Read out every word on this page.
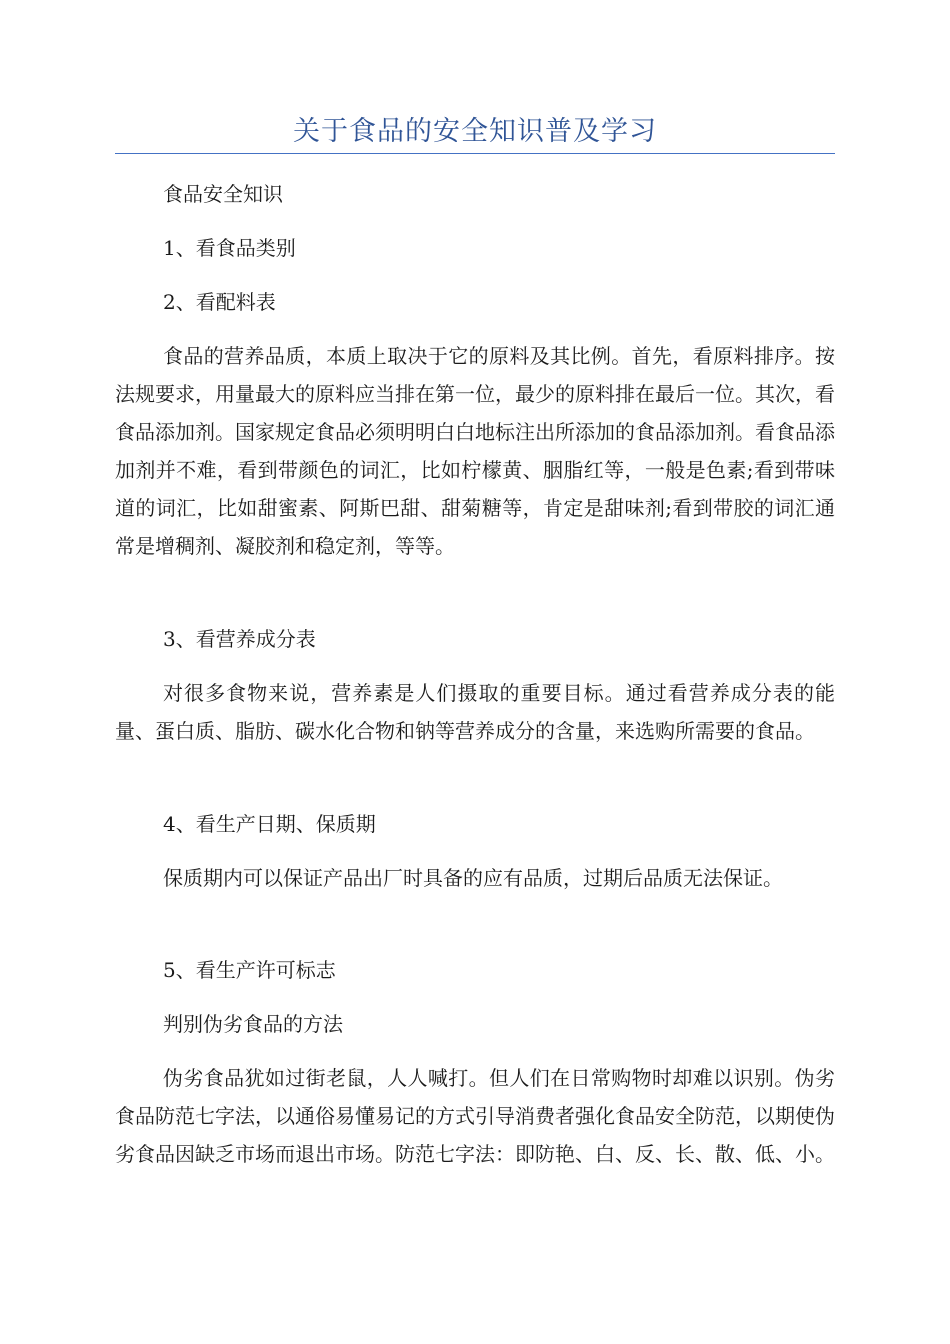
关于食品的安全知识普及学习

食品安全知识

1、看食品类别

2、看配料表

食品的营养品质，本质上取决于它的原料及其比例。首先，看原料排序。按法规要求，用量最大的原料应当排在第一位，最少的原料排在最后一位。其次，看食品添加剂。国家规定食品必须明明白白地标注出所添加的食品添加剂。看食品添加剂并不难，看到带颜色的词汇，比如柠檬黄、胭脂红等，一般是色素;看到带味道的词汇，比如甜蜜素、阿斯巴甜、甜菊糖等，肯定是甜味剂;看到带胶的词汇通常是增稠剂、凝胶剂和稳定剂，等等。

3、看营养成分表

对很多食物来说，营养素是人们摄取的重要目标。通过看营养成分表的能量、蛋白质、脂肪、碳水化合物和钠等营养成分的含量，来选购所需要的食品。

4、看生产日期、保质期

保质期内可以保证产品出厂时具备的应有品质，过期后品质无法保证。

5、看生产许可标志

判别伪劣食品的方法

伪劣食品犹如过街老鼠，人人喊打。但人们在日常购物时却难以识别。伪劣食品防范七字法，以通俗易懂易记的方式引导消费者强化食品安全防范，以期使伪劣食品因缺乏市场而退出市场。防范七字法：即防艳、白、反、长、散、低、小。
